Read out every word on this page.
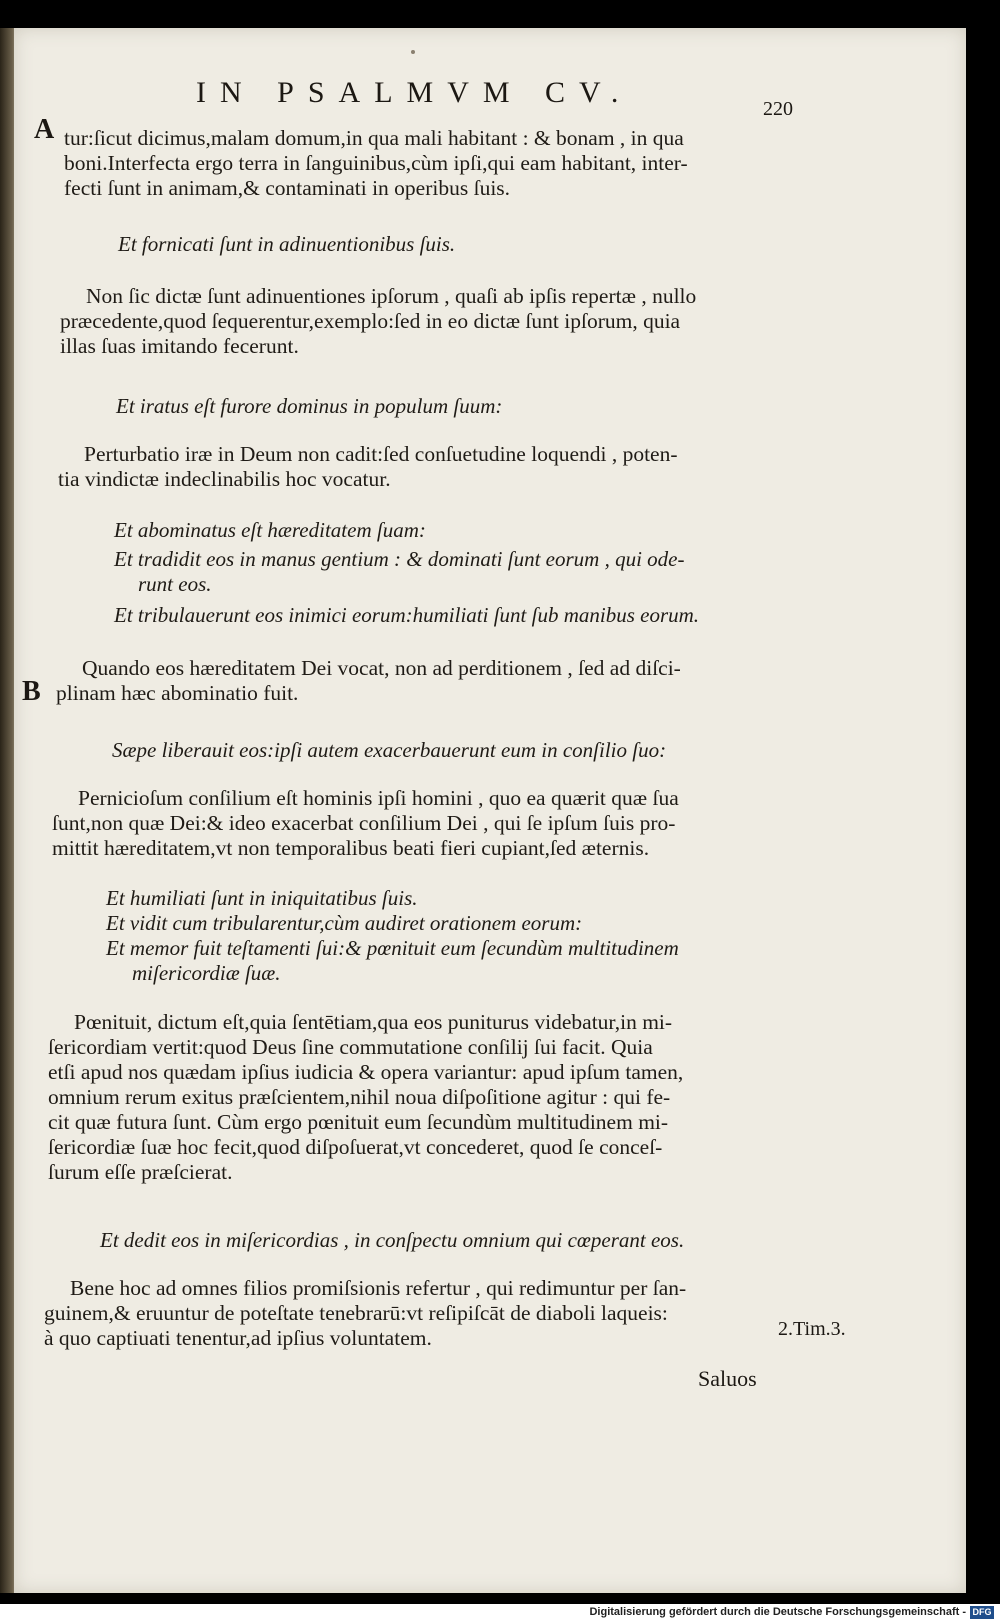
IN PSALMVM CV.	220
A
B
2.Tim.3.
tur:ſicut dicimus,malam domum,in qua mali habitant : & bonam , in qua
boni.Interfecta ergo terra in ſanguinibus,cùm ipſi,qui eam habitant, inter-
fecti ſunt in animam,& contaminati in operibus ſuis.
Et fornicati ſunt in adinuentionibus ſuis.
Non ſic dictæ ſunt adinuentiones ipſorum , quaſi ab ipſis repertæ , nullo
præcedente,quod ſequerentur,exemplo:ſed in eo dictæ ſunt ipſorum, quia
illas ſuas imitando fecerunt.
Et iratus eſt furore dominus in populum ſuum:
Perturbatio iræ in Deum non cadit:ſed conſuetudine loquendi , poten-
tia vindictæ indeclinabilis hoc vocatur.
Et abominatus eſt hæreditatem ſuam:
Et tradidit eos in manus gentium : & dominati ſunt eorum , qui ode-
runt eos.
Et tribulauerunt eos inimici eorum:humiliati ſunt ſub manibus eorum.
Quando eos hæreditatem Dei vocat, non ad perditionem , ſed ad diſci-
plinam hæc abominatio fuit.
Sæpe liberauit eos:ipſi autem exacerbauerunt eum in conſilio ſuo:
Pernicioſum conſilium eſt hominis ipſi homini , quo ea quærit quæ ſua
ſunt,non quæ Dei:& ideo exacerbat conſilium Dei , qui ſe ipſum ſuis pro-
mittit hæreditatem,vt non temporalibus beati fieri cupiant,ſed æternis.
Et humiliati ſunt in iniquitatibus ſuis.
Et vidit cum tribularentur,cùm audiret orationem eorum:
Et memor fuit teſtamenti ſui:& pœnituit eum ſecundùm multitudinem
miſericordiæ ſuæ.
Pœnituit, dictum eſt,quia ſentētiam,qua eos puniturus videbatur,in mi-
ſericordiam vertit:quod Deus ſine commutatione conſilij ſui facit. Quia
etſi apud nos quædam ipſius iudicia & opera variantur: apud ipſum tamen,
omnium rerum exitus præſcientem,nihil noua diſpoſitione agitur : qui fe-
cit quæ futura ſunt. Cùm ergo pœnituit eum ſecundùm multitudinem mi-
ſericordiæ ſuæ hoc fecit,quod diſpoſuerat,vt concederet, quod ſe conceſ-
ſurum eſſe præſcierat.
Et dedit eos in miſericordias , in conſpectu omnium qui cœperant eos.
Bene hoc ad omnes filios promiſsionis refertur , qui redimuntur per ſan-
guinem,& eruuntur de poteſtate tenebrarū:vt reſipiſcāt de diaboli laqueis:
à quo captiuati tenentur,ad ipſius voluntatem.
Saluos
Digitalisierung gefördert durch die Deutsche Forschungsgemeinschaft - DFG
